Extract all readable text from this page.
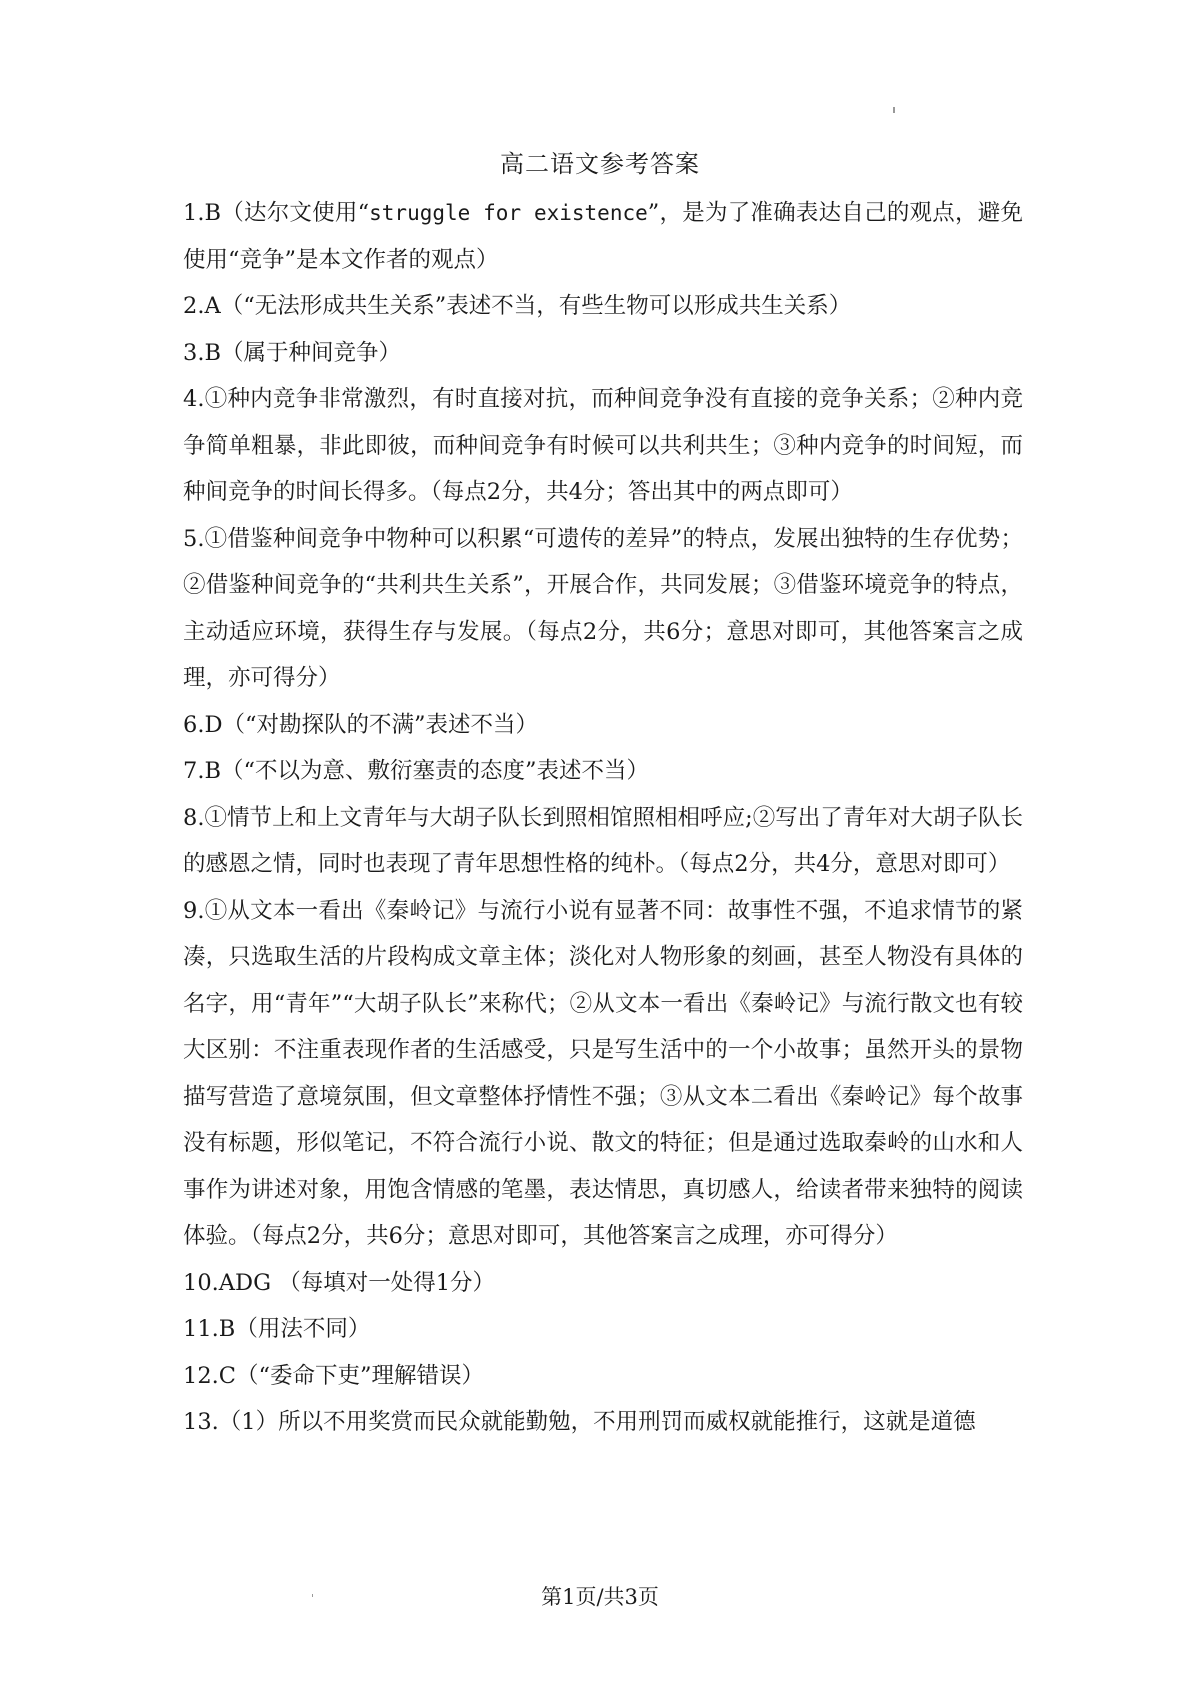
高二语文参考答案

1.B（达尔文使用“struggle for existence”，是为了准确表达自己的观点，避免使用“竞争”是本文作者的观点）

2.A（“无法形成共生关系”表述不当，有些生物可以形成共生关系）

3.B（属于种间竞争）

4.①种内竞争非常激烈，有时直接对抗，而种间竞争没有直接的竞争关系；②种内竞争简单粗暴，非此即彼，而种间竞争有时候可以共利共生；③种内竞争的时间短，而种间竞争的时间长得多。（每点2分，共4分；答出其中的两点即可）

5.①借鉴种间竞争中物种可以积累“可遗传的差异”的特点，发展出独特的生存优势；②借鉴种间竞争的“共利共生关系”，开展合作，共同发展；③借鉴环境竞争的特点，主动适应环境，获得生存与发展。（每点2分，共6分；意思对即可，其他答案言之成理，亦可得分）

6.D（“对勘探队的不满”表述不当）

7.B（“不以为意、敷衍塞责的态度”表述不当）

8.①情节上和上文青年与大胡子队长到照相馆照相相呼应;②写出了青年对大胡子队长的感恩之情，同时也表现了青年思想性格的纯朴。（每点2分，共4分，意思对即可）

9.①从文本一看出《秦岭记》与流行小说有显著不同：故事性不强，不追求情节的紧凑，只选取生活的片段构成文章主体；淡化对人物形象的刻画，甚至人物没有具体的名字，用“青年”“大胡子队长”来称代；②从文本一看出《秦岭记》与流行散文也有较大区别：不注重表现作者的生活感受，只是写生活中的一个小故事；虽然开头的景物描写营造了意境氛围，但文章整体抒情性不强；③从文本二看出《秦岭记》每个故事没有标题，形似笔记，不符合流行小说、散文的特征；但是通过选取秦岭的山水和人事作为讲述对象，用饱含情感的笔墨，表达情思，真切感人，给读者带来独特的阅读体验。（每点2分，共6分；意思对即可，其他答案言之成理，亦可得分）

10.ADG （每填对一处得1分）

11.B（用法不同）

12.C（“委命下吏”理解错误）

13.（1）所以不用奖赏而民众就能勤勉，不用刑罚而威权就能推行，这就是道德

第1页/共3页
